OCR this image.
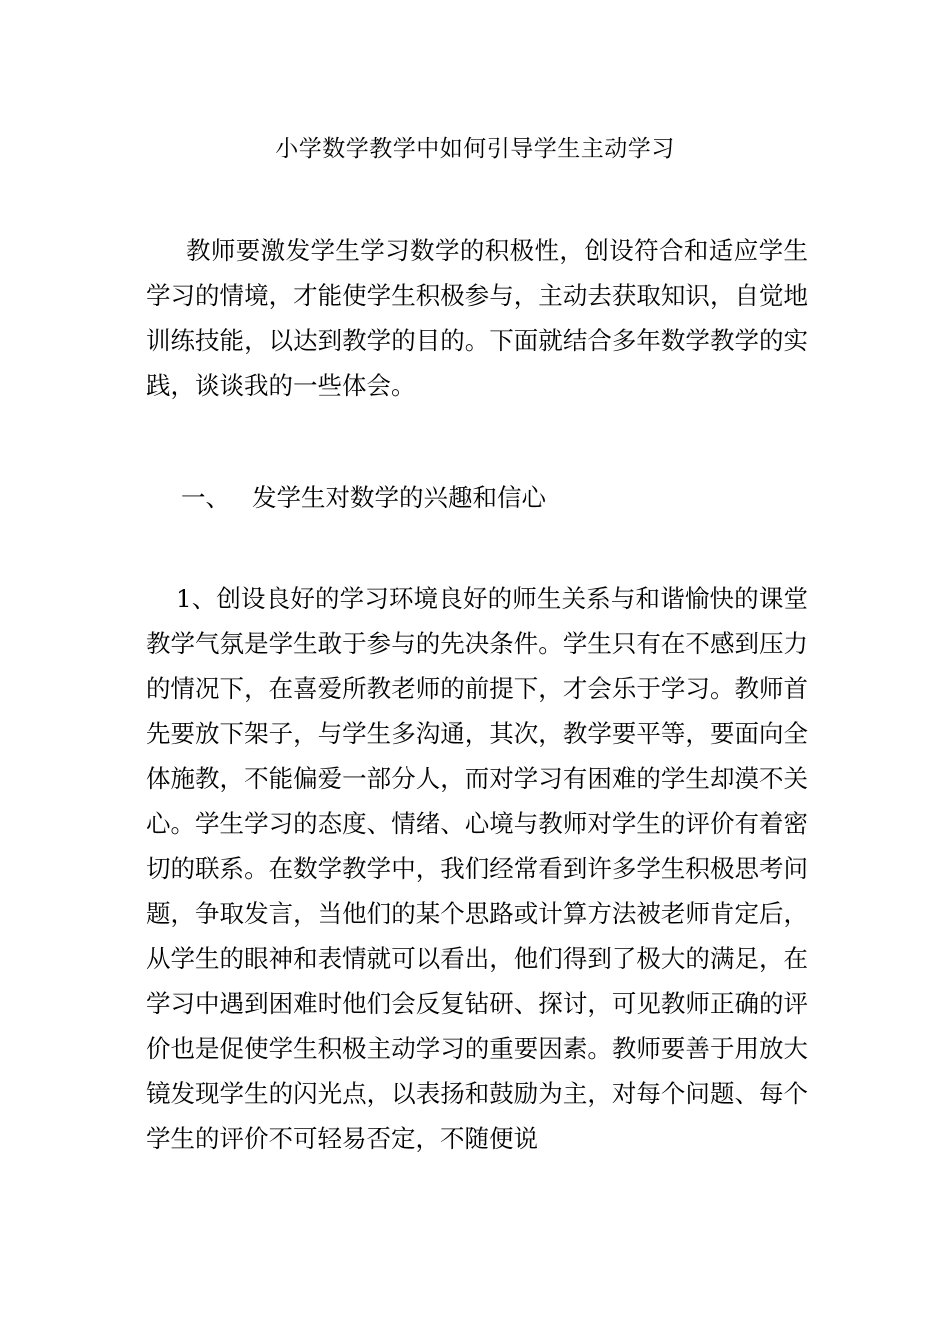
小学数学教学中如何引导学生主动学习
教师要激发学生学习数学的积极性，创设符合和适应学生学习的情境，才能使学生积极参与，主动去获取知识，自觉地训练技能，以达到教学的目的。下面就结合多年数学教学的实践，谈谈我的一些体会。
一、 发学生对数学的兴趣和信心
1、创设良好的学习环境良好的师生关系与和谐愉快的课堂教学气氛是学生敢于参与的先决条件。学生只有在不感到压力的情况下，在喜爱所教老师的前提下，才会乐于学习。教师首先要放下架子，与学生多沟通，其次，教学要平等，要面向全体施教，不能偏爱一部分人，而对学习有困难的学生却漠不关心。学生学习的态度、情绪、心境与教师对学生的评价有着密切的联系。在数学教学中，我们经常看到许多学生积极思考问题，争取发言，当他们的某个思路或计算方法被老师肯定后，从学生的眼神和表情就可以看出，他们得到了极大的满足，在学习中遇到困难时他们会反复钻研、探讨，可见教师正确的评价也是促使学生积极主动学习的重要因素。教师要善于用放大镜发现学生的闪光点，以表扬和鼓励为主，对每个问题、每个学生的评价不可轻易否定，不随便说
